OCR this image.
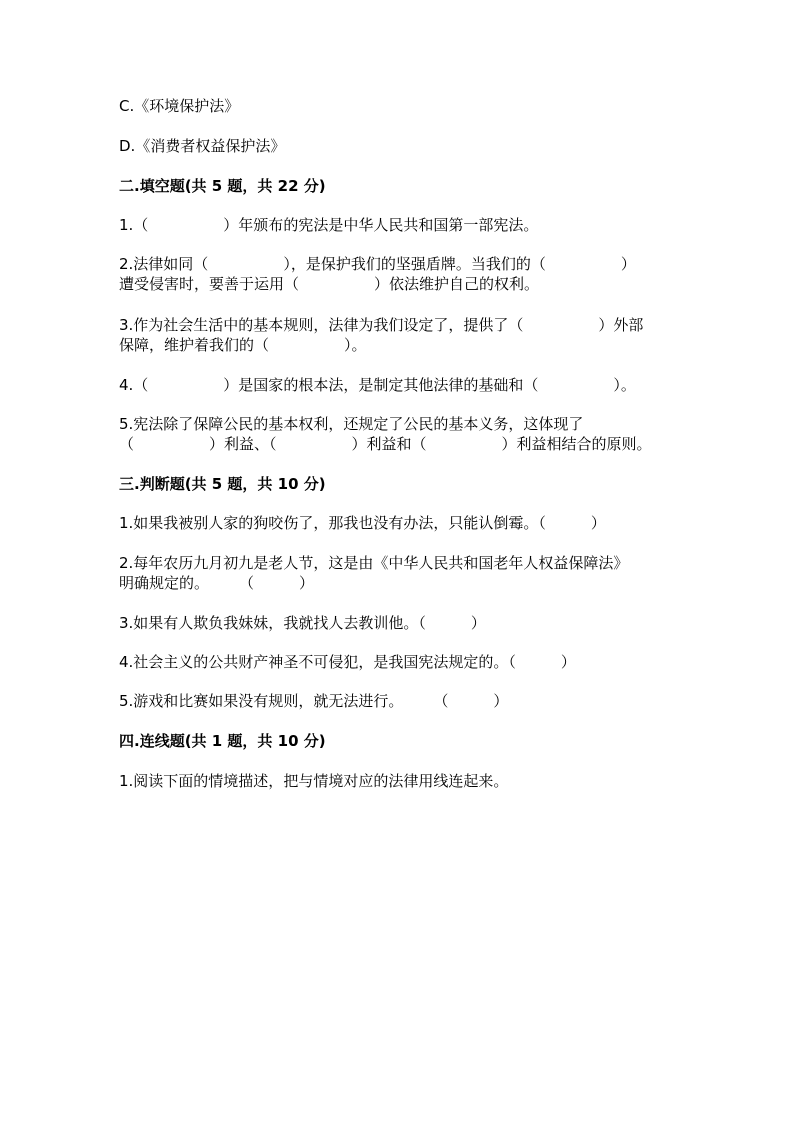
C.《环境保护法》
D.《消费者权益保护法》
二.填空题(共 5 题，共 22 分)
1.（　　　　　）年颁布的宪法是中华人民共和国第一部宪法。
2.法律如同（　　　　　），是保护我们的坚强盾牌。当我们的（　　　　　）
遭受侵害时，要善于运用（　　　　　）依法维护自己的权利。
3.作为社会生活中的基本规则，法律为我们设定了，提供了（　　　　　）外部
保障，维护着我们的（　　　　　）。
4.（　　　　　）是国家的根本法，是制定其他法律的基础和（　　　　　）。
5.宪法除了保障公民的基本权利，还规定了公民的基本义务，这体现了
（　　　　　）利益、（　　　　　）利益和（　　　　　）利益相结合的原则。
三.判断题(共 5 题，共 10 分)
1.如果我被别人家的狗咬伤了，那我也没有办法，只能认倒霉。（　　　）
2.每年农历九月初九是老人节，这是由《中华人民共和国老年人权益保障法》
明确规定的。　　　（　　　）
3.如果有人欺负我妹妹，我就找人去教训他。（　　　）
4.社会主义的公共财产神圣不可侵犯，是我国宪法规定的。（　　　）
5.游戏和比赛如果没有规则，就无法进行。　　　（　　　）
四.连线题(共 1 题，共 10 分)
1.阅读下面的情境描述，把与情境对应的法律用线连起来。
